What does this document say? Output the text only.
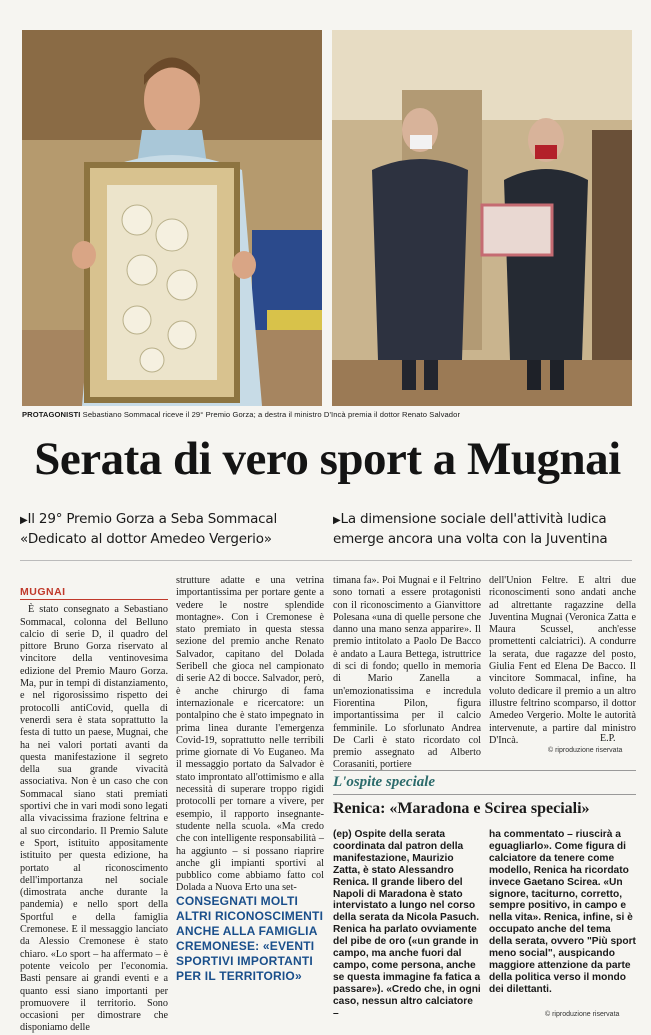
PROTAGONISTI Sebastiano Sommacal riceve il 29° Premio Gorza; a destra il ministro D'Incà premia il dottor Renato Salvador
Serata di vero sport a Mugnai
▶Il 29° Premio Gorza a Seba Sommacal
«Dedicato al dottor Amedeo Vergerio»
▶La dimensione sociale dell'attività ludica
emerge ancora una volta con la Juventina
MUGNAI

È stato consegnato a Sebastiano Sommacal, colonna del Belluno calcio di serie D, il quadro del pittore Bruno Gorza riservato al vincitore della ventinovesima edizione del Premio Mauro Gorza. Ma, pur in tempi di distanziamento, e nel rigorosissimo rispetto dei protocolli antiCovid, quella di venerdì sera è stata soprattutto la festa di tutto un paese, Mugnai, che ha nei valori portati avanti da questa manifestazione il segreto della sua grande vivacità associativa. Non è un caso che con Sommacal siano stati premiati sportivi che in vari modi sono legati alla vivacissima frazione feltrina e al suo circondario. Il Premio Salute e Sport, istituito appositamente istituito per questa edizione, ha portato al riconoscimento dell'importanza nel sociale (dimostrata anche durante la pandemia) e nello sport della Sportful e della famiglia Cremonese. E il messaggio lanciato da Alessio Cremonese è stato chiaro. «Lo sport – ha affermato – è potente veicolo per l'economia. Basti pensare ai grandi eventi e a quanto essi siano importanti per promuovere il territorio. Sono occasioni per dimostrare che disponiamo delle

strutture adatte e una vetrina importantissima per portare gente a vedere le nostre splendide montagne». Con i Cremonese è stato premiato in questa stessa sezione del premio anche Renato Salvador, capitano del Dolada Seribell che gioca nel campionato di serie A2 di bocce. Salvador, però, è anche chirurgo di fama internazionale e ricercatore: un pontalpino che è stato impegnato in prima linea durante l'emergenza Covid-19, soprattutto nelle terribili prime giornate di Vo Euganeo. Ma il messaggio portato da Salvador è stato improntato all'ottimismo e alla necessità di superare troppo rigidi protocolli per tornare a vivere, per esempio, il rapporto insegnante-studente nella scuola. «Ma credo che con intelligente responsabilità – ha aggiunto – si possano riaprire anche gli impianti sportivi al pubblico come abbiamo fatto col Dolada a Nuova Erto una set-

CONSEGNATI MOLTI ALTRI RICONOSCIMENTI ANCHE ALLA FAMIGLIA CREMONESE: «EVENTI SPORTIVI IMPORTANTI PER IL TERRITORIO»

timana fa». Poi Mugnai e il Feltrino sono tornati a essere protagonisti con il riconoscimento a Gianvittore Polesana «una di quelle persone che danno una mano senza apparire». Il premio intitolato a Paolo De Bacco è andato a Laura Bettega, istruttrice di sci di fondo; quello in memoria di Mario Zanella a un'emozionatissima e incredula Fiorentina Pilon, figura importantissima per il calcio femminile. Lo sforlunato Andrea De Carli è stato ricordato col premio assegnato ad Alberto Corasaniti, portiere

dell'Union Feltre. E altri due riconoscimenti sono andati anche ad altrettante ragazzine della Juventina Mugnai (Veronica Zatta e Maura Scussel, anch'esse promettenti calciatrici). A condurre la serata, due ragazze del posto, Giulia Fent ed Elena De Bacco. Il vincitore Sommacal, infine, ha voluto dedicare il premio a un altro illustre feltrino scomparso, il dottor Amedeo Vergerio. Molte le autorità intervenute, a partire dal ministro D'Incà.	E.P.
© riproduzione riservata
L'ospite speciale
Renica: «Maradona e Scirea speciali»
(ep) Ospite della serata coordinata dal patron della manifestazione, Maurizio Zatta, è stato Alessandro Renica. Il grande libero del Napoli di Maradona è stato intervistato a lungo nel corso della serata da Nicola Pasuch. Renica ha parlato ovviamente del pibe de oro («un grande in campo, ma anche fuori dal campo, come persona, anche se questa immagine fa fatica a passare»). «Credo che, in ogni caso, nessun altro calciatore –
ha commentato – riuscirà a eguagliarlo». Come figura di calciatore da tenere come modello, Renica ha ricordato invece Gaetano Scirea. «Un signore, taciturno, corretto, sempre positivo, in campo e nella vita». Renica, infine, si è occupato anche del tema della serata, ovvero "Più sport meno social", auspicando maggiore attenzione da parte della politica verso il mondo dei dilettanti.
© riproduzione riservata
